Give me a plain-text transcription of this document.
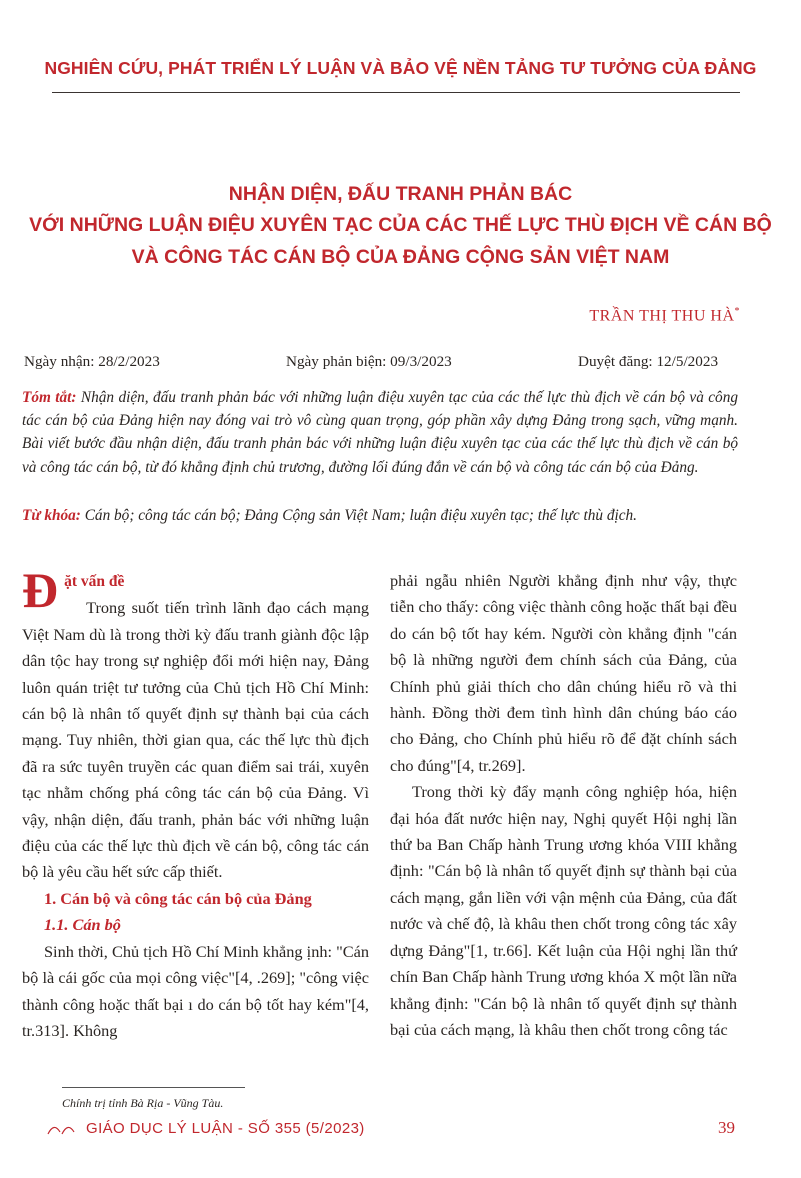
NGHIÊN CỨU, PHÁT TRIỂN LÝ LUẬN VÀ BẢO VỆ NỀN TẢNG TƯ TƯỞNG CỦA ĐẢNG
NHẬN DIỆN, ĐẤU TRANH PHẢN BÁC
VỚI NHỮNG LUẬN ĐIỆU XUYÊN TẠC CỦA CÁC THẾ LỰC THÙ ĐỊCH VỀ CÁN BỘ
VÀ CÔNG TÁC CÁN BỘ CỦA ĐẢNG CỘNG SẢN VIỆT NAM
TRẦN THỊ THU HÀ*
Ngày nhận: 28/2/2023	Ngày phản biện: 09/3/2023	Duyệt đăng: 12/5/2023
Tóm tắt: Nhận diện, đấu tranh phản bác với những luận điệu xuyên tạc của các thế lực thù địch về cán bộ và công tác cán bộ của Đảng hiện nay đóng vai trò vô cùng quan trọng, góp phần xây dựng Đảng trong sạch, vững mạnh. Bài viết bước đầu nhận diện, đấu tranh phản bác với những luận điệu xuyên tạc của các thế lực thù địch về cán bộ và công tác cán bộ, từ đó khẳng định chủ trương, đường lối đúng đắn về cán bộ và công tác cán bộ của Đảng.
Từ khóa: Cán bộ; công tác cán bộ; Đảng Cộng sản Việt Nam; luận điệu xuyên tạc; thế lực thù địch.
Đ ặt vấn đề

Trong suốt tiến trình lãnh đạo cách mạng Việt Nam dù là trong thời kỳ đấu tranh giành độc lập dân tộc hay trong sự nghiệp đổi mới hiện nay, Đảng luôn quán triệt tư tưởng của Chủ tịch Hồ Chí Minh: cán bộ là nhân tố quyết định sự thành bại của cách mạng. Tuy nhiên, thời gian qua, các thế lực thù địch đã ra sức tuyên truyền các quan điểm sai trái, xuyên tạc nhằm chống phá công tác cán bộ của Đảng. Vì vậy, nhận diện, đấu tranh, phản bác với những luận điệu của các thế lực thù địch về cán bộ, công tác cán bộ là yêu cầu hết sức cấp thiết.

1. Cán bộ và công tác cán bộ của Đảng

1.1. Cán bộ

Sinh thời, Chủ tịch Hồ Chí Minh khẳng ịnh: "Cán bộ là cái gốc của mọi công việc"[4, .269]; "công việc thành công hoặc thất bại ı do cán bộ tốt hay kém"[4, tr.313]. Không

phải ngẫu nhiên Người khẳng định như vậy, thực tiễn cho thấy: công việc thành công hoặc thất bại đều do cán bộ tốt hay kém. Người còn khẳng định "cán bộ là những người đem chính sách của Đảng, của Chính phủ giải thích cho dân chúng hiểu rõ và thi hành. Đồng thời đem tình hình dân chúng báo cáo cho Đảng, cho Chính phủ hiểu rõ để đặt chính sách cho đúng"[4, tr.269].

Trong thời kỳ đẩy mạnh công nghiệp hóa, hiện đại hóa đất nước hiện nay, Nghị quyết Hội nghị lần thứ ba Ban Chấp hành Trung ương khóa VIII khẳng định: "Cán bộ là nhân tố quyết định sự thành bại của cách mạng, gắn liền với vận mệnh của Đảng, của đất nước và chế độ, là khâu then chốt trong công tác xây dựng Đảng"[1, tr.66]. Kết luận của Hội nghị lần thứ chín Ban Chấp hành Trung ương khóa X một lần nữa khẳng định: "Cán bộ là nhân tố quyết định sự thành bại của cách mạng, là khâu then chốt trong công tác

Chính trị tỉnh Bà Rịa - Vũng Tàu.
GIÁO DỤC LÝ LUẬN - SỐ 355 (5/2023)	39
